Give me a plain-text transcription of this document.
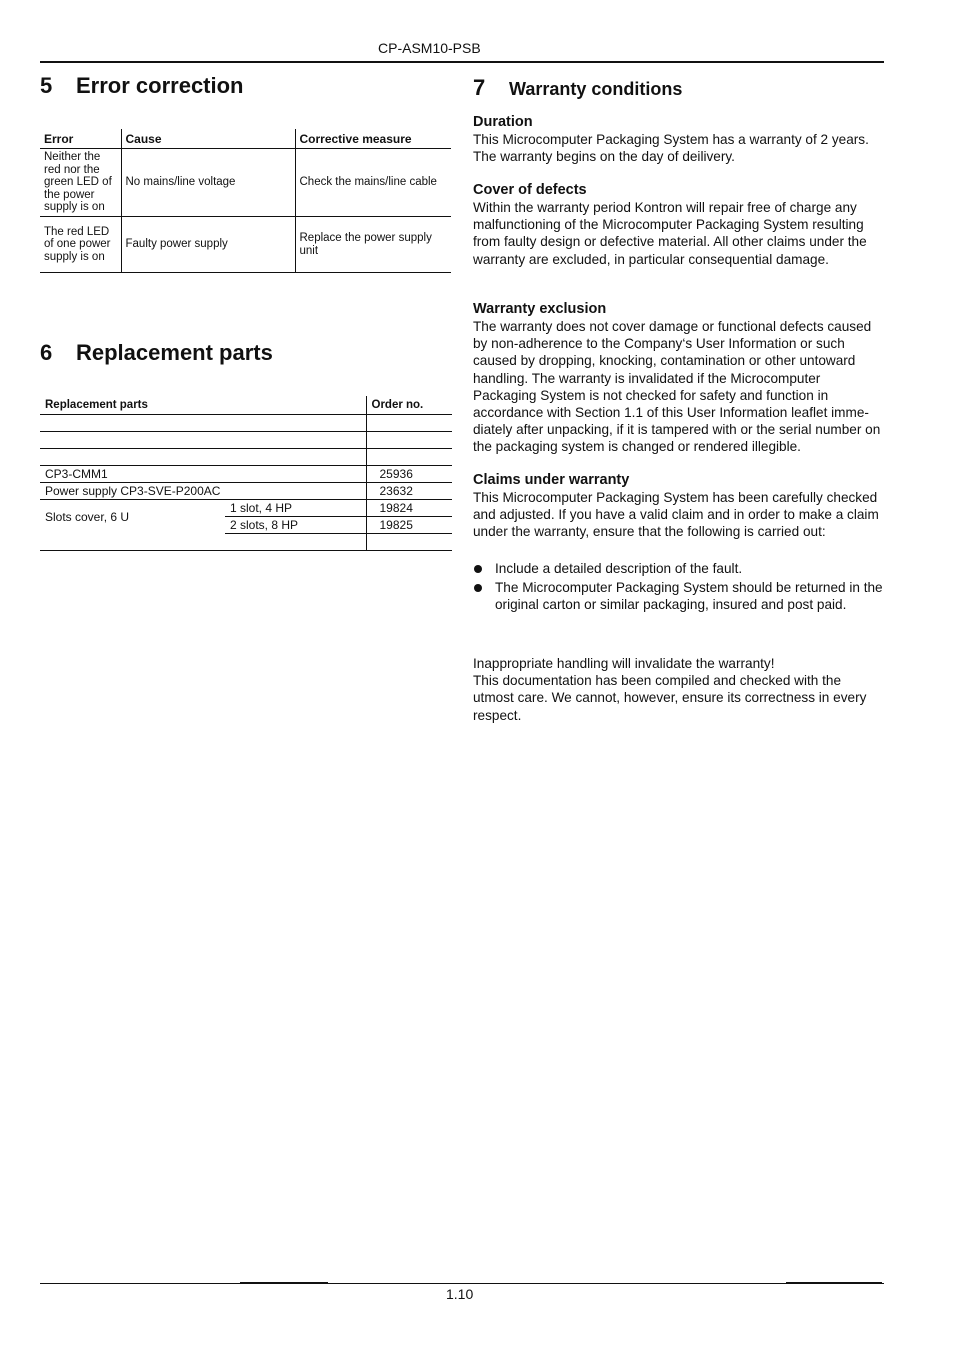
CP-ASM10-PSB
5 Error correction
Error	Cause	Corrective measure
Neither the red nor the green LED of the power supply is on	No mains/line voltage	Check the mains/line cable
The red LED of one power supply is on	Faulty power supply	Replace the power supply unit
6 Replacement parts
Replacement parts		Order no.

CP3-CMM1		25936
Power supply CP3-SVE-P200AC		23632
Slots cover, 6 U	1 slot, 4 HP	19824
	2 slots, 8 HP	19825

7 Warranty conditions
Duration

This Microcomputer Packaging System has a warranty of 2 years. The warranty begins on the day of deilivery.

Cover of defects

Within the warranty period Kontron will repair free of charge any malfunctioning of the Microcomputer Packaging System resulting from faulty design or defective material. All other claims under the warranty are excluded, in particular consequential damage.

Warranty exclusion

The warranty does not cover damage or functional defects caused by non-adherence to the Company‘s User Information or such caused by dropping, knocking, contamination or other untoward handling. The warranty is invalidated if the Microcomputer Packaging System is not checked for safety and function in accordance with Section 1.1 of this User Information leaflet imme-diately after unpacking, if it is tampered with or the serial number on the packaging system is changed or rendered illegible.

Claims under warranty

This Microcomputer Packaging System has been carefully checked and adjusted. If you have a valid claim and in order to make a claim under the warranty, ensure that the following is carried out:

Include a detailed description of the fault.
The Microcomputer Packaging System should be returned in the original carton or similar packaging, insured and post paid.

Inappropriate handling will invalidate the warranty!

This documentation has been compiled and checked with the utmost care. We cannot, however, ensure its correctness in every respect.

1.10
